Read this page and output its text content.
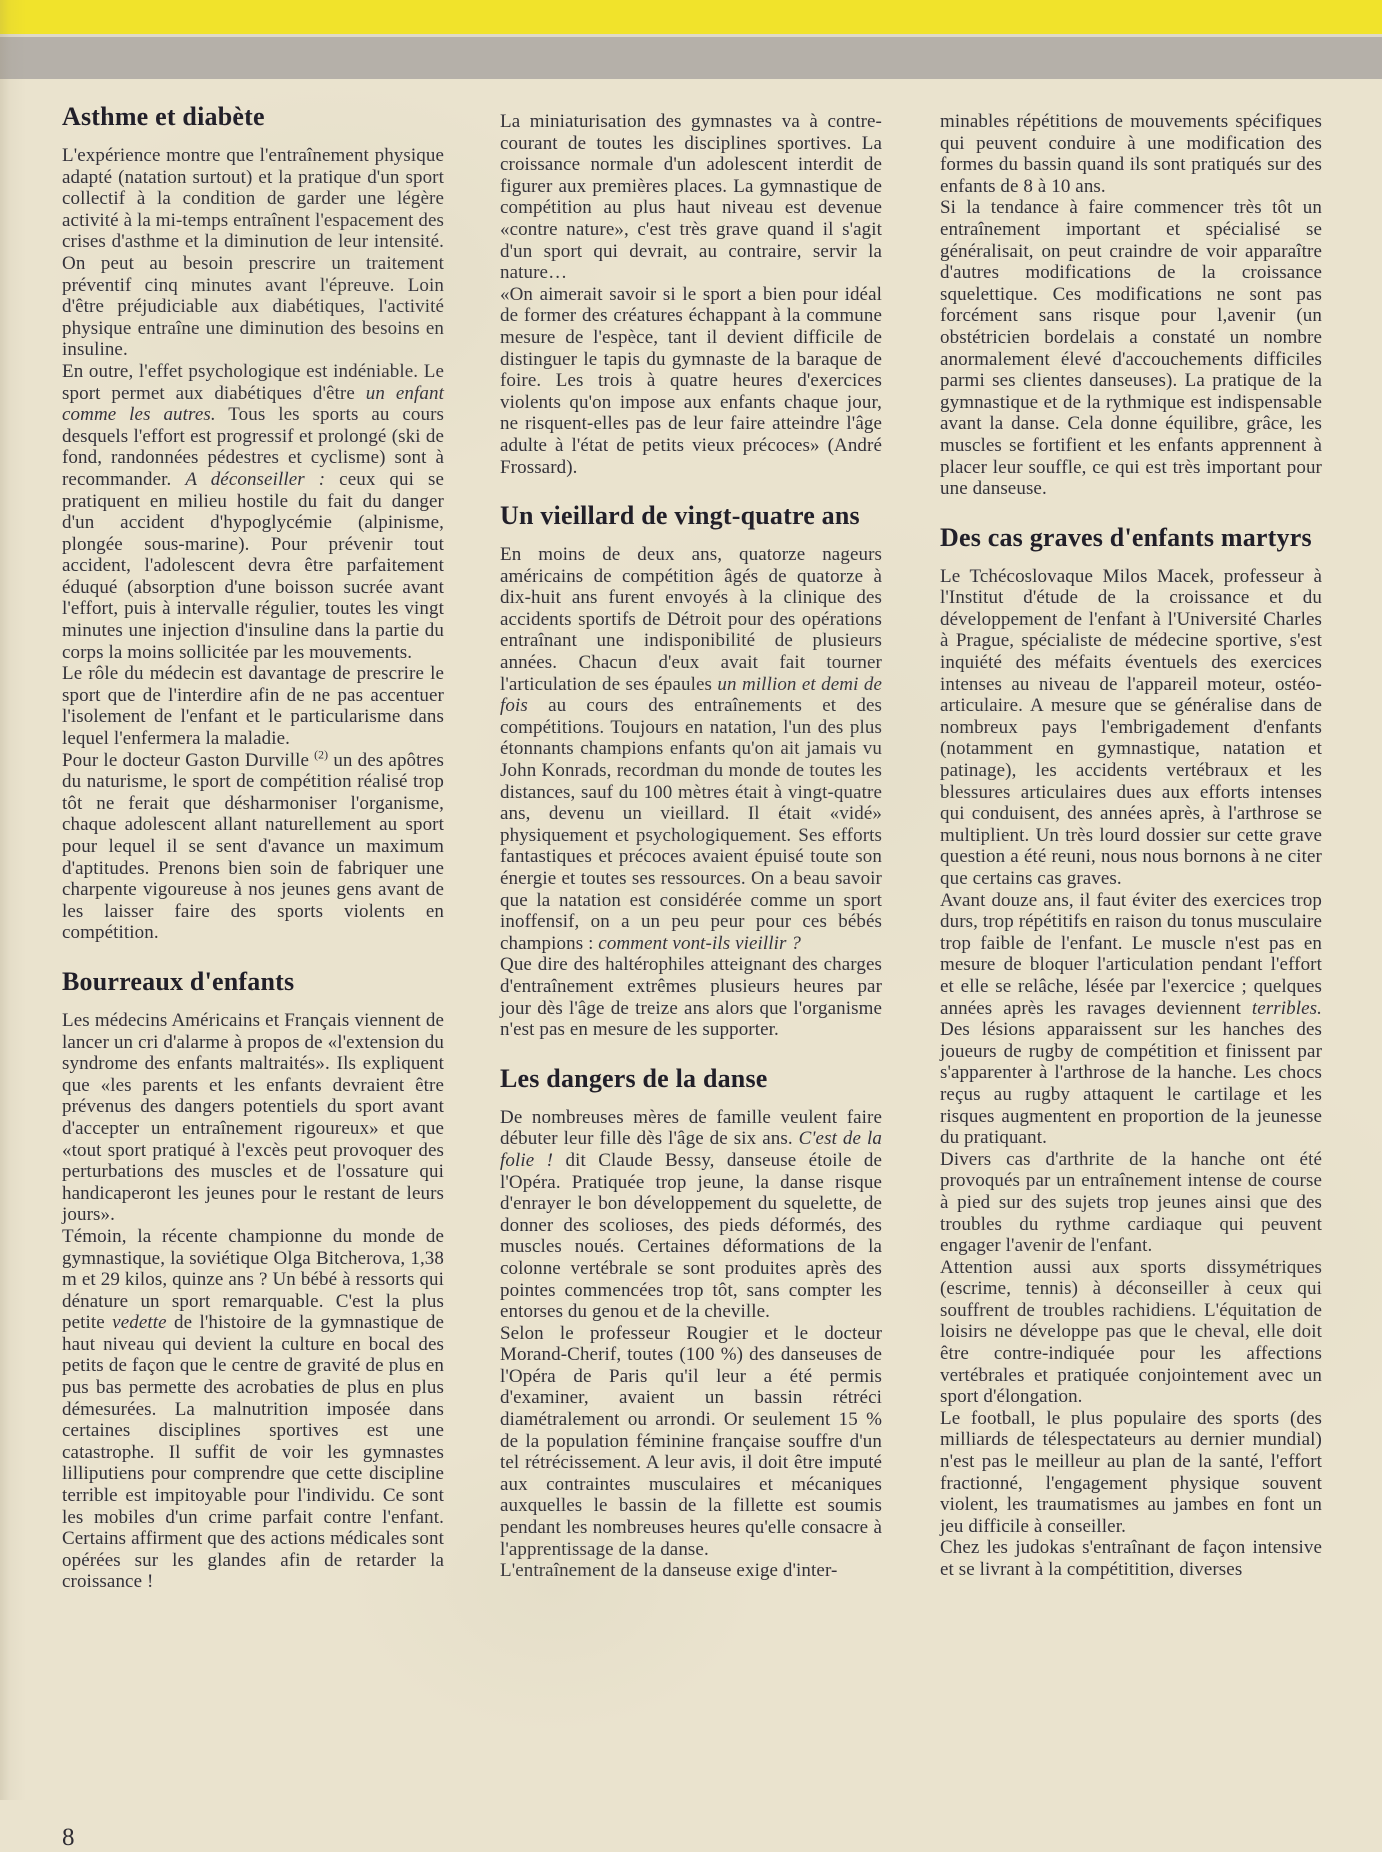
Asthme et diabète

L'expérience montre que l'entraînement physique adapté (natation surtout) et la pratique d'un sport collectif à la condition de garder une légère activité à la mi-temps entraînent l'espacement des crises d'asthme et la diminution de leur intensité. On peut au besoin prescrire un traitement préventif cinq minutes avant l'épreuve. Loin d'être préjudiciable aux diabétiques, l'activité physique entraîne une diminution des besoins en insuline.

En outre, l'effet psychologique est indéniable. Le sport permet aux diabétiques d'être un enfant comme les autres. Tous les sports au cours desquels l'effort est progressif et prolongé (ski de fond, randonnées pédestres et cyclisme) sont à recommander. A déconseiller : ceux qui se pratiquent en milieu hostile du fait du danger d'un accident d'hypoglycémie (alpinisme, plongée sous-marine). Pour prévenir tout accident, l'adolescent devra être parfaitement éduqué (absorption d'une boisson sucrée avant l'effort, puis à intervalle régulier, toutes les vingt minutes une injection d'insuline dans la partie du corps la moins sollicitée par les mouvements.

Le rôle du médecin est davantage de prescrire le sport que de l'interdire afin de ne pas accentuer l'isolement de l'enfant et le particularisme dans lequel l'enfermera la maladie.

Pour le docteur Gaston Durville $^{(2)}$ un des apôtres du naturisme, le sport de compétition réalisé trop tôt ne ferait que désharmoniser l'organisme, chaque adolescent allant naturellement au sport pour lequel il se sent d'avance un maximum d'aptitudes. Prenons bien soin de fabriquer une charpente vigoureuse à nos jeunes gens avant de les laisser faire des sports violents en compétition.

Bourreaux d'enfants

Les médecins Américains et Français viennent de lancer un cri d'alarme à propos de «l'extension du syndrome des enfants maltraités». Ils expliquent que «les parents et les enfants devraient être prévenus des dangers potentiels du sport avant d'accepter un entraînement rigoureux» et que «tout sport pratiqué à l'excès peut provoquer des perturbations des muscles et de l'ossature qui handicaperont les jeunes pour le restant de leurs jours».

Témoin, la récente championne du monde de gymnastique, la soviétique Olga Bitcherova, 1,38 m et 29 kilos, quinze ans ? Un bébé à ressorts qui dénature un sport remarquable. C'est la plus petite vedette de l'histoire de la gymnastique de haut niveau qui devient la culture en bocal des petits de façon que le centre de gravité de plus en pus bas permette des acrobaties de plus en plus démesurées. La malnutrition imposée dans certaines disciplines sportives est une catastrophe. Il suffit de voir les gymnastes lilliputiens pour comprendre que cette discipline terrible est impitoyable pour l'individu. Ce sont les mobiles d'un crime parfait contre l'enfant. Certains affirment que des actions médicales sont opérées sur les glandes afin de retarder la croissance !

La miniaturisation des gymnastes va à contre-courant de toutes les disciplines sportives. La croissance normale d'un adolescent interdit de figurer aux premières places. La gymnastique de compétition au plus haut niveau est devenue «contre nature», c'est très grave quand il s'agit d'un sport qui devrait, au contraire, servir la nature…

«On aimerait savoir si le sport a bien pour idéal de former des créatures échappant à la commune mesure de l'espèce, tant il devient difficile de distinguer le tapis du gymnaste de la baraque de foire. Les trois à quatre heures d'exercices violents qu'on impose aux enfants chaque jour, ne risquent-elles pas de leur faire atteindre l'âge adulte à l'état de petits vieux précoces» (André Frossard).

Un vieillard de vingt-quatre ans

En moins de deux ans, quatorze nageurs américains de compétition âgés de quatorze à dix-huit ans furent envoyés à la clinique des accidents sportifs de Détroit pour des opérations entraînant une indisponibilité de plusieurs années. Chacun d'eux avait fait tourner l'articulation de ses épaules un million et demi de fois au cours des entraînements et des compétitions. Toujours en natation, l'un des plus étonnants champions enfants qu'on ait jamais vu John Konrads, recordman du monde de toutes les distances, sauf du 100 mètres était à vingt-quatre ans, devenu un vieillard. Il était «vidé» physiquement et psychologiquement. Ses efforts fantastiques et précoces avaient épuisé toute son énergie et toutes ses ressources. On a beau savoir que la natation est considérée comme un sport inoffensif, on a un peu peur pour ces bébés champions : comment vont-ils vieillir ?

Que dire des haltérophiles atteignant des charges d'entraînement extrêmes plusieurs heures par jour dès l'âge de treize ans alors que l'organisme n'est pas en mesure de les supporter.

Les dangers de la danse

De nombreuses mères de famille veulent faire débuter leur fille dès l'âge de six ans. C'est de la folie ! dit Claude Bessy, danseuse étoile de l'Opéra. Pratiquée trop jeune, la danse risque d'enrayer le bon développement du squelette, de donner des scolioses, des pieds déformés, des muscles noués. Certaines déformations de la colonne vertébrale se sont produites après des pointes commencées trop tôt, sans compter les entorses du genou et de la cheville.

Selon le professeur Rougier et le docteur Morand-Cherif, toutes (100 %) des danseuses de l'Opéra de Paris qu'il leur a été permis d'examiner, avaient un bassin rétréci diamétralement ou arrondi. Or seulement 15 % de la population féminine française souffre d'un tel rétrécissement. A leur avis, il doit être imputé aux contraintes musculaires et mécaniques auxquelles le bassin de la fillette est soumis pendant les nombreuses heures qu'elle consacre à l'apprentissage de la danse.

L'entraînement de la danseuse exige d'inter-

minables répétitions de mouvements spécifiques qui peuvent conduire à une modification des formes du bassin quand ils sont pratiqués sur des enfants de 8 à 10 ans.

Si la tendance à faire commencer très tôt un entraînement important et spécialisé se généralisait, on peut craindre de voir apparaître d'autres modifications de la croissance squelettique. Ces modifications ne sont pas forcément sans risque pour l,avenir (un obstétricien bordelais a constaté un nombre anormalement élevé d'accouchements difficiles parmi ses clientes danseuses). La pratique de la gymnastique et de la rythmique est indispensable avant la danse. Cela donne équilibre, grâce, les muscles se fortifient et les enfants apprennent à placer leur souffle, ce qui est très important pour une danseuse.

Des cas graves d'enfants martyrs

Le Tchécoslovaque Milos Macek, professeur à l'Institut d'étude de la croissance et du développement de l'enfant à l'Université Charles à Prague, spécialiste de médecine sportive, s'est inquiété des méfaits éventuels des exercices intenses au niveau de l'appareil moteur, ostéo-articulaire. A mesure que se généralise dans de nombreux pays l'embrigadement d'enfants (notamment en gymnastique, natation et patinage), les accidents vertébraux et les blessures articulaires dues aux efforts intenses qui conduisent, des années après, à l'arthrose se multiplient. Un très lourd dossier sur cette grave question a été reuni, nous nous bornons à ne citer que certains cas graves.

Avant douze ans, il faut éviter des exercices trop durs, trop répétitifs en raison du tonus musculaire trop faible de l'enfant. Le muscle n'est pas en mesure de bloquer l'articulation pendant l'effort et elle se relâche, lésée par l'exercice ; quelques années après les ravages deviennent terribles. Des lésions apparaissent sur les hanches des joueurs de rugby de compétition et finissent par s'apparenter à l'arthrose de la hanche. Les chocs reçus au rugby attaquent le cartilage et les risques augmentent en proportion de la jeunesse du pratiquant.

Divers cas d'arthrite de la hanche ont été provoqués par un entraînement intense de course à pied sur des sujets trop jeunes ainsi que des troubles du rythme cardiaque qui peuvent engager l'avenir de l'enfant.

Attention aussi aux sports dissymétriques (escrime, tennis) à déconseiller à ceux qui souffrent de troubles rachidiens. L'équitation de loisirs ne développe pas que le cheval, elle doit être contre-indiquée pour les affections vertébrales et pratiquée conjointement avec un sport d'élongation.

Le football, le plus populaire des sports (des milliards de télespectateurs au dernier mundial) n'est pas le meilleur au plan de la santé, l'effort fractionné, l'engagement physique souvent violent, les traumatismes au jambes en font un jeu difficile à conseiller.

Chez les judokas s'entraînant de façon intensive et se livrant à la compétitition, diverses

8
